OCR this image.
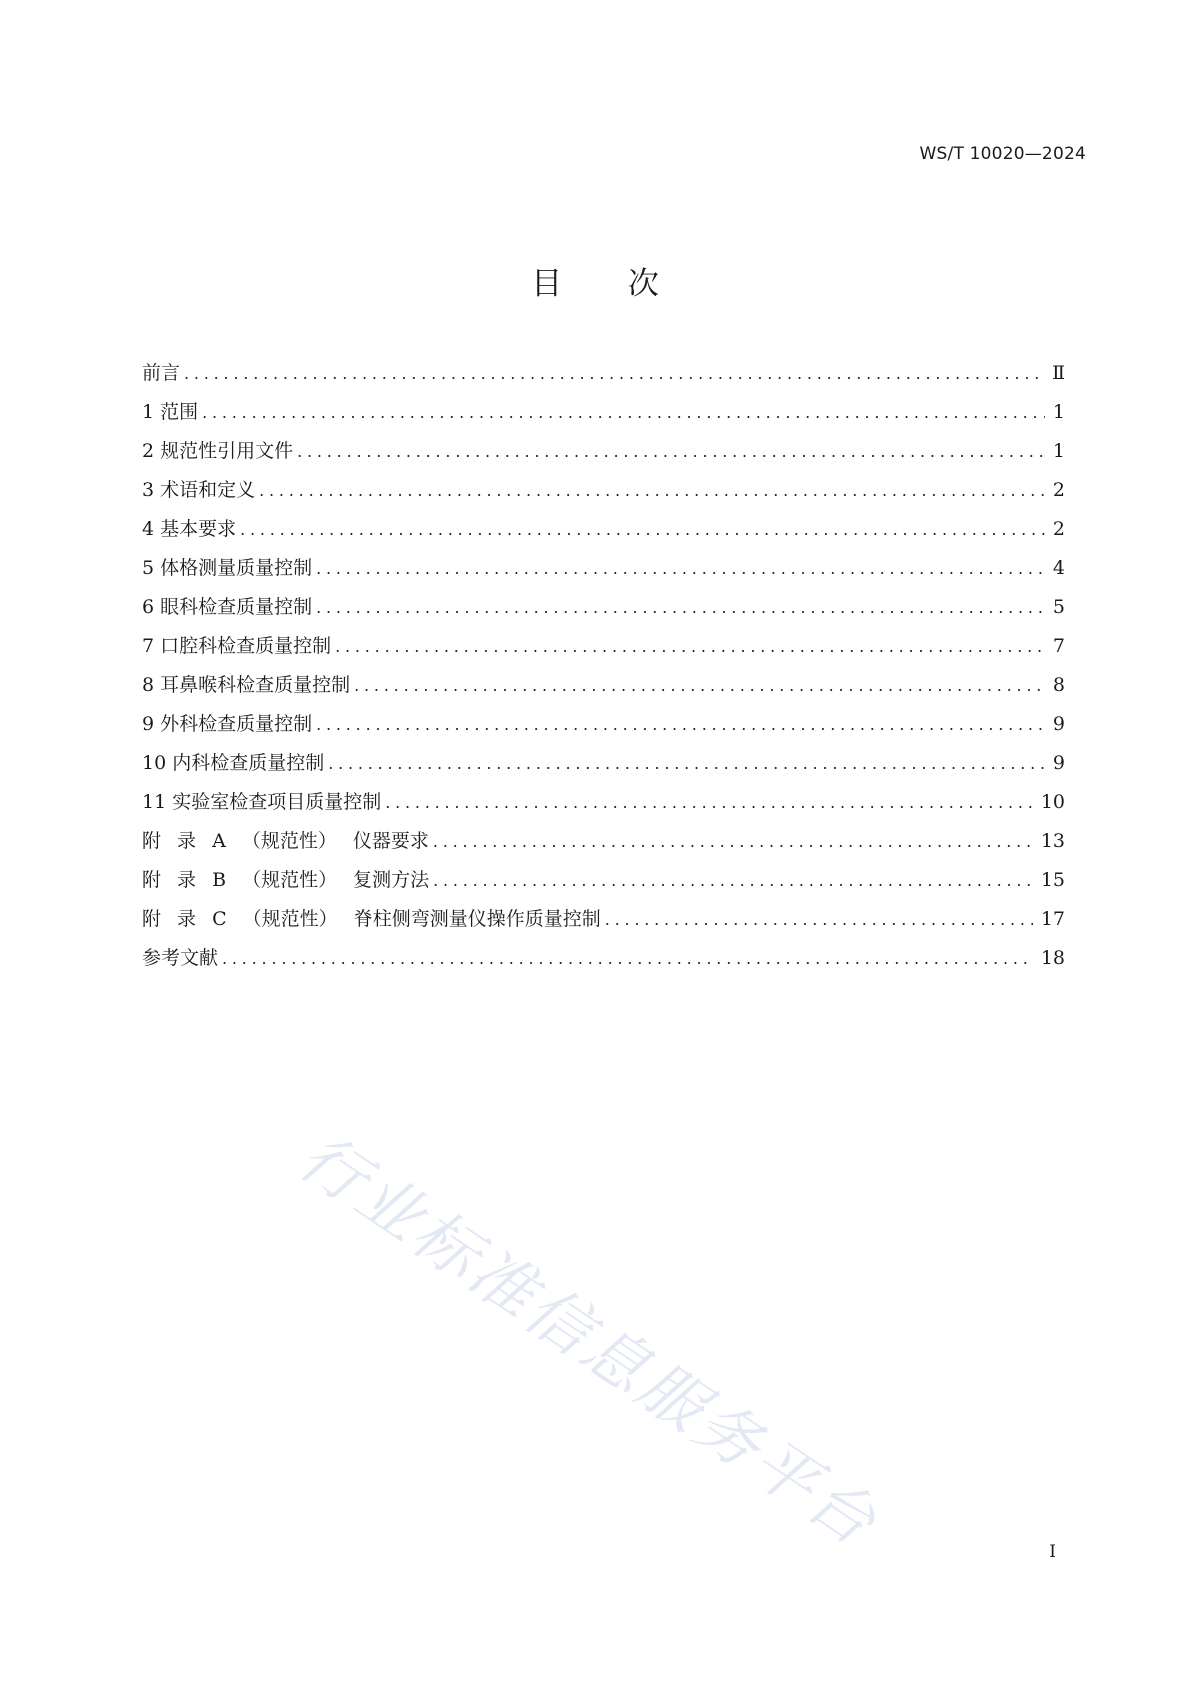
WS/T 10020—2024
目 次
前言 .....	Ⅱ
1 范围 .....	1
2 规范性引用文件 .....	1
3 术语和定义 .....	2
4 基本要求 .....	2
5 体格测量质量控制 .....	4
6 眼科检查质量控制 .....	5
7 口腔科检查质量控制 .....	7
8 耳鼻喉科检查质量控制 .....	8
9 外科检查质量控制 .....	9
10 内科检查质量控制 .....	9
11 实验室检查项目质量控制 .....	10
附 录 A （规范性） 仪器要求 .....	13
附 录 B （规范性） 复测方法 .....	15
附 录 C （规范性） 脊柱侧弯测量仪操作质量控制 .....	17
参考文献 .....	18
行业标准信息服务平台	I
